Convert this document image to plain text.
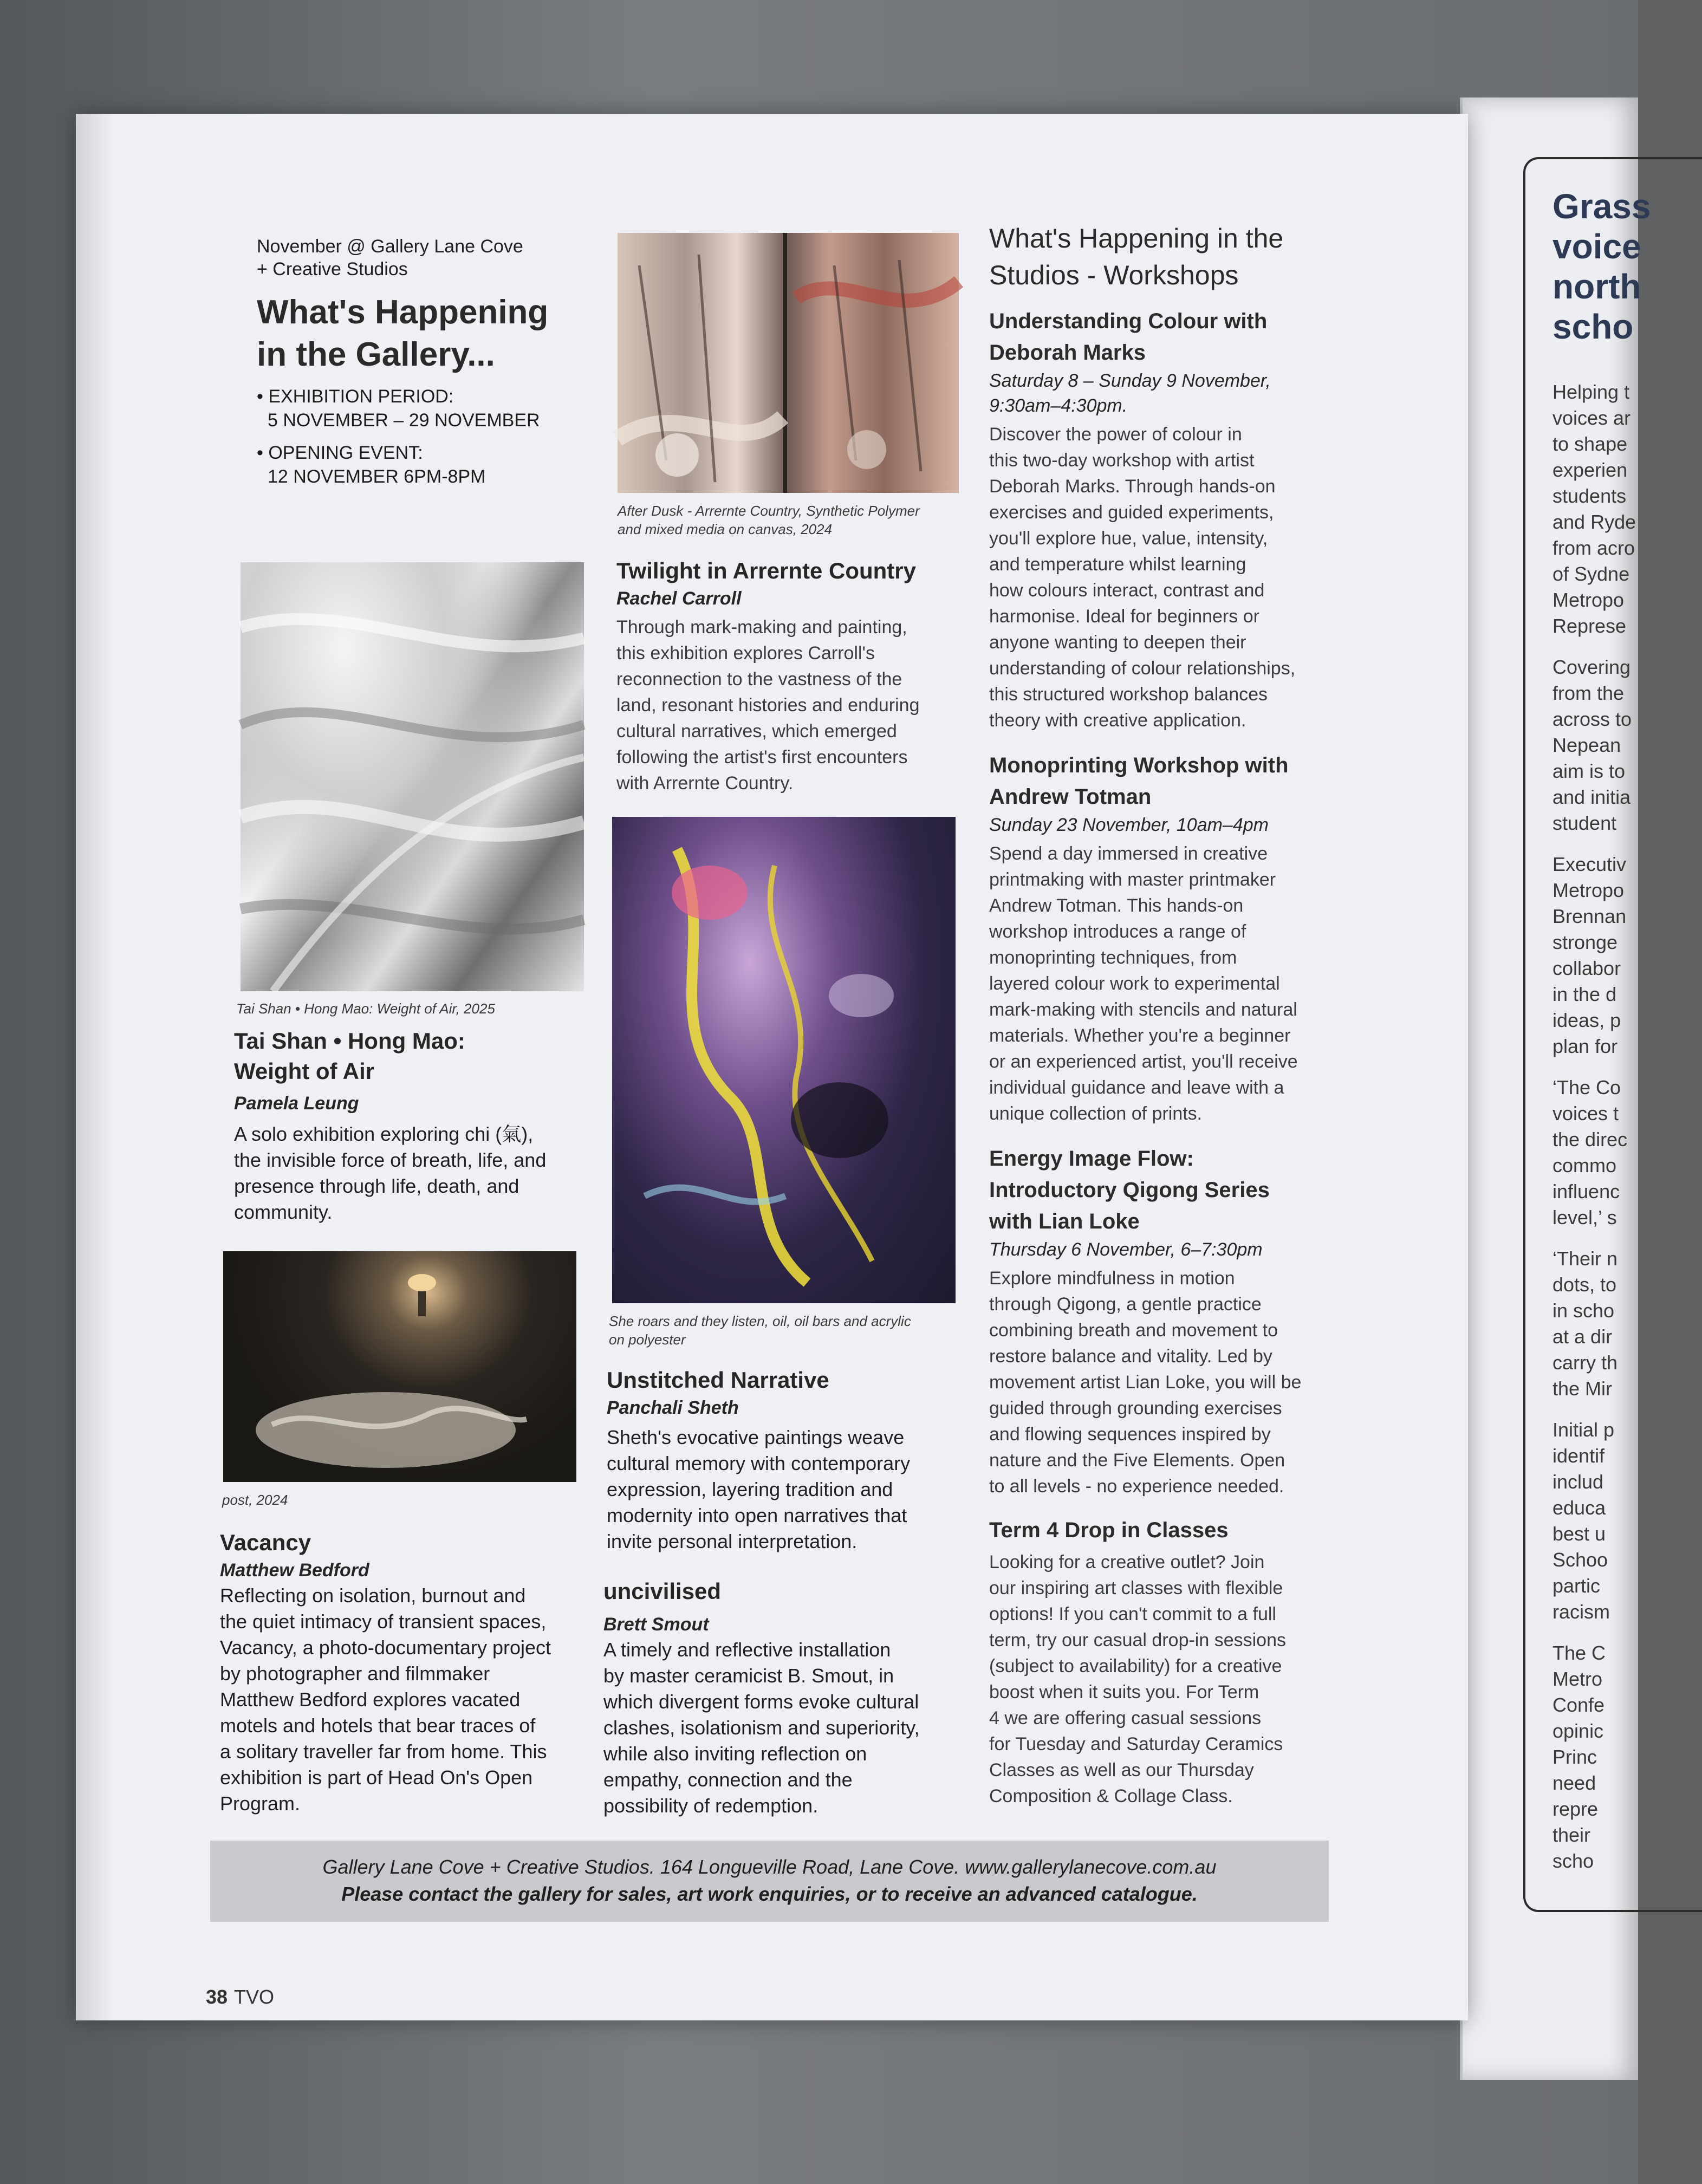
Grass
voice
north
scho
Helping t
voices ar
to shape
experien
students
and Ryde
from acro
of Sydne
Metropo
Represe
Covering
from the
across to
Nepean
aim is to
and initia
student
Executiv
Metropo
Brennan
stronge
collabor
in the d
ideas, p
plan for
‘The Co
voices t
the direc
commo
influenc
level,’ s
‘Their n
dots, to
in scho
at a dir
carry th
the Mir
Initial p
identif
includ
educa
best u
Schoo
partic
racism
The C
Metro
Confe
opinic
Princ
need
repre
their
scho
November @ Gallery Lane Cove
+ Creative Studios
What's Happening
in the Gallery...
• EXHIBITION PERIOD:
5 NOVEMBER – 29 NOVEMBER
• OPENING EVENT:
12 NOVEMBER 6PM-8PM
Tai Shan • Hong Mao: Weight of Air, 2025
Tai Shan • Hong Mao:
Weight of Air
Pamela Leung
A solo exhibition exploring chi (氣),
the invisible force of breath, life, and
presence through life, death, and
community.
post, 2024
Vacancy
Matthew Bedford
Reflecting on isolation, burnout and
the quiet intimacy of transient spaces,
Vacancy, a photo-documentary project
by photographer and filmmaker
Matthew Bedford explores vacated
motels and hotels that bear traces of
a solitary traveller far from home. This
exhibition is part of Head On's Open
Program.
After Dusk - Arrernte Country, Synthetic Polymer
and mixed media on canvas, 2024
Twilight in Arrernte Country
Rachel Carroll
Through mark-making and painting,
this exhibition explores Carroll's
reconnection to the vastness of the
land, resonant histories and enduring
cultural narratives, which emerged
following the artist's first encounters
with Arrernte Country.
She roars and they listen, oil, oil bars and acrylic
on polyester
Unstitched Narrative
Panchali Sheth
Sheth's evocative paintings weave
cultural memory with contemporary
expression, layering tradition and
modernity into open narratives that
invite personal interpretation.
uncivilised
Brett Smout
A timely and reflective installation
by master ceramicist B. Smout, in
which divergent forms evoke cultural
clashes, isolationism and superiority,
while also inviting reflection on
empathy, connection and the
possibility of redemption.
What's Happening in the
Studios - Workshops
Understanding Colour with
Deborah Marks
Saturday 8 – Sunday 9 November,
9:30am–4:30pm.
Discover the power of colour in
this two-day workshop with artist
Deborah Marks. Through hands-on
exercises and guided experiments,
you'll explore hue, value, intensity,
and temperature whilst learning
how colours interact, contrast and
harmonise. Ideal for beginners or
anyone wanting to deepen their
understanding of colour relationships,
this structured workshop balances
theory with creative application.
Monoprinting Workshop with
Andrew Totman
Sunday 23 November, 10am–4pm
Spend a day immersed in creative
printmaking with master printmaker
Andrew Totman. This hands-on
workshop introduces a range of
monoprinting techniques, from
layered colour work to experimental
mark-making with stencils and natural
materials. Whether you're a beginner
or an experienced artist, you'll receive
individual guidance and leave with a
unique collection of prints.
Energy Image Flow:
Introductory Qigong Series
with Lian Loke
Thursday 6 November, 6–7:30pm
Explore mindfulness in motion
through Qigong, a gentle practice
combining breath and movement to
restore balance and vitality. Led by
movement artist Lian Loke, you will be
guided through grounding exercises
and flowing sequences inspired by
nature and the Five Elements. Open
to all levels - no experience needed.
Term 4 Drop in Classes
Looking for a creative outlet? Join
our inspiring art classes with flexible
options! If you can't commit to a full
term, try our casual drop-in sessions
(subject to availability) for a creative
boost when it suits you. For Term
4 we are offering casual sessions
for Tuesday and Saturday Ceramics
Classes as well as our Thursday
Composition & Collage Class.
Gallery Lane Cove + Creative Studios. 164 Longueville Road, Lane Cove. www.gallerylanecove.com.au
Please contact the gallery for sales, art work enquiries, or to receive an advanced catalogue.
38 TVO
